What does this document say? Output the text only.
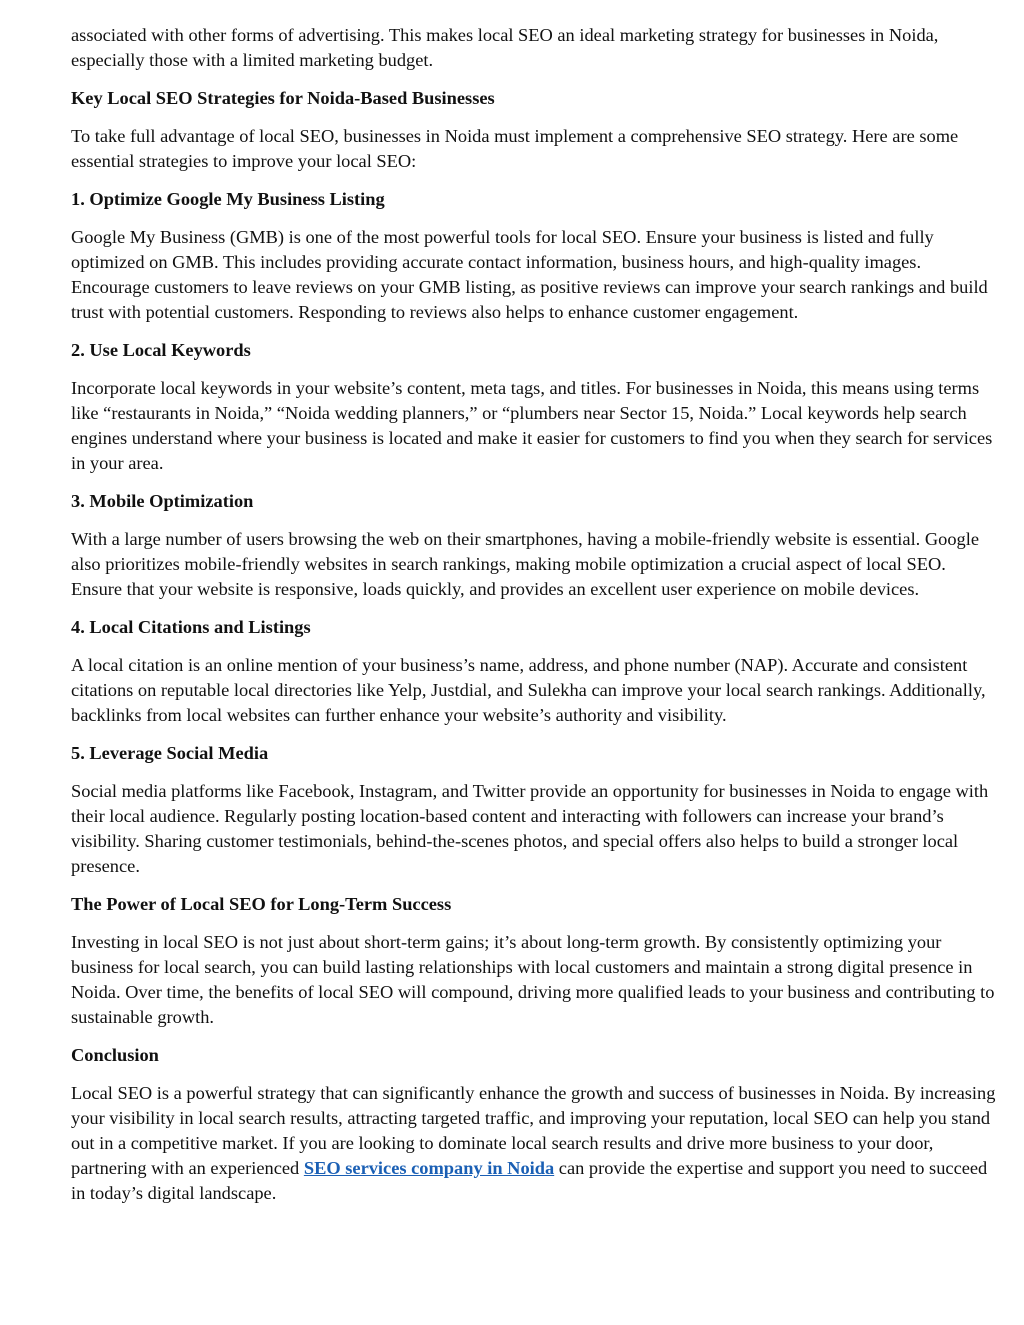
associated with other forms of advertising. This makes local SEO an ideal marketing strategy for businesses in Noida, especially those with a limited marketing budget.

Key Local SEO Strategies for Noida-Based Businesses

To take full advantage of local SEO, businesses in Noida must implement a comprehensive SEO strategy. Here are some essential strategies to improve your local SEO:

1. Optimize Google My Business Listing

Google My Business (GMB) is one of the most powerful tools for local SEO. Ensure your business is listed and fully optimized on GMB. This includes providing accurate contact information, business hours, and high-quality images. Encourage customers to leave reviews on your GMB listing, as positive reviews can improve your search rankings and build trust with potential customers. Responding to reviews also helps to enhance customer engagement.

2. Use Local Keywords

Incorporate local keywords in your website’s content, meta tags, and titles. For businesses in Noida, this means using terms like “restaurants in Noida,” “Noida wedding planners,” or “plumbers near Sector 15, Noida.” Local keywords help search engines understand where your business is located and make it easier for customers to find you when they search for services in your area.

3. Mobile Optimization

With a large number of users browsing the web on their smartphones, having a mobile-friendly website is essential. Google also prioritizes mobile-friendly websites in search rankings, making mobile optimization a crucial aspect of local SEO. Ensure that your website is responsive, loads quickly, and provides an excellent user experience on mobile devices.

4. Local Citations and Listings

A local citation is an online mention of your business’s name, address, and phone number (NAP). Accurate and consistent citations on reputable local directories like Yelp, Justdial, and Sulekha can improve your local search rankings. Additionally, backlinks from local websites can further enhance your website’s authority and visibility.

5. Leverage Social Media

Social media platforms like Facebook, Instagram, and Twitter provide an opportunity for businesses in Noida to engage with their local audience. Regularly posting location-based content and interacting with followers can increase your brand’s visibility. Sharing customer testimonials, behind-the-scenes photos, and special offers also helps to build a stronger local presence.

The Power of Local SEO for Long-Term Success

Investing in local SEO is not just about short-term gains; it’s about long-term growth. By consistently optimizing your business for local search, you can build lasting relationships with local customers and maintain a strong digital presence in Noida. Over time, the benefits of local SEO will compound, driving more qualified leads to your business and contributing to sustainable growth.

Conclusion

Local SEO is a powerful strategy that can significantly enhance the growth and success of businesses in Noida. By increasing your visibility in local search results, attracting targeted traffic, and improving your reputation, local SEO can help you stand out in a competitive market. If you are looking to dominate local search results and drive more business to your door, partnering with an experienced SEO services company in Noida can provide the expertise and support you need to succeed in today’s digital landscape.
